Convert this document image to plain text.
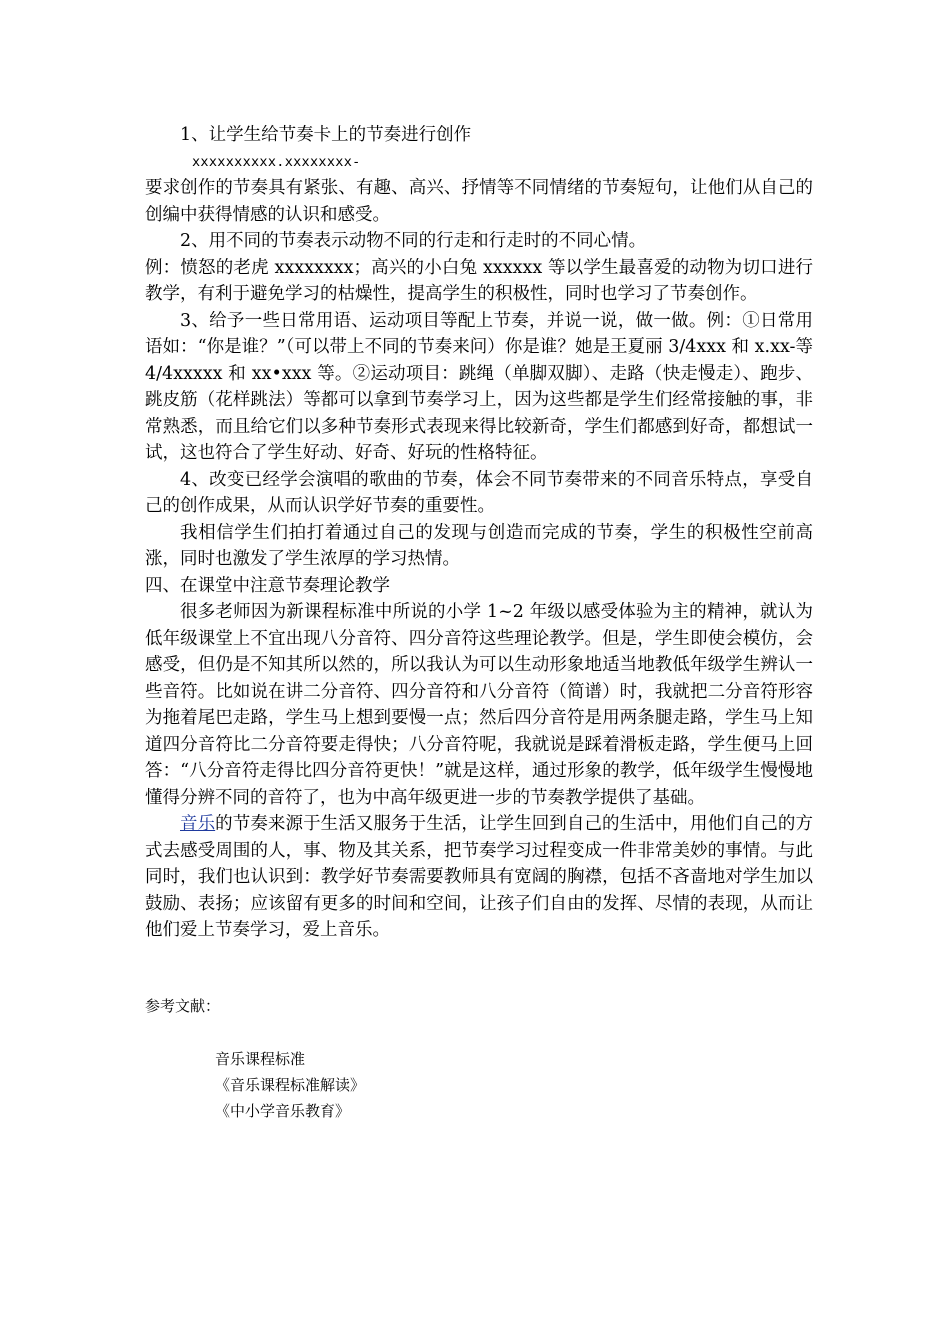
1、让学生给节奏卡上的节奏进行创作

xxxxxxxxxx.xxxxxxxx-

要求创作的节奏具有紧张、有趣、高兴、抒情等不同情绪的节奏短句，让他们从自己的创编中获得情感的认识和感受。

2、用不同的节奏表示动物不同的行走和行走时的不同心情。

例：愤怒的老虎 xxxxxxxx；高兴的小白兔 xxxxxx 等以学生最喜爱的动物为切口进行教学，有利于避免学习的枯燥性，提高学生的积极性，同时也学习了节奏创作。

3、给予一些日常用语、运动项目等配上节奏，并说一说，做一做。例：①日常用语如：“你是谁？”（可以带上不同的节奏来问）你是谁？她是王夏丽 3/4xxx 和 x.xx-等 4/4xxxxx 和 xx•xxx 等。②运动项目：跳绳（单脚双脚）、走路（快走慢走）、跑步、跳皮筋（花样跳法）等都可以拿到节奏学习上，因为这些都是学生们经常接触的事，非常熟悉，而且给它们以多种节奏形式表现来得比较新奇，学生们都感到好奇，都想试一试，这也符合了学生好动、好奇、好玩的性格特征。

4、改变已经学会演唱的歌曲的节奏，体会不同节奏带来的不同音乐特点，享受自己的创作成果，从而认识学好节奏的重要性。

我相信学生们拍打着通过自己的发现与创造而完成的节奏，学生的积极性空前高涨，同时也激发了学生浓厚的学习热情。

四、在课堂中注意节奏理论教学

很多老师因为新课程标准中所说的小学 1~2 年级以感受体验为主的精神，就认为低年级课堂上不宜出现八分音符、四分音符这些理论教学。但是，学生即使会模仿，会感受，但仍是不知其所以然的，所以我认为可以生动形象地适当地教低年级学生辨认一些音符。比如说在讲二分音符、四分音符和八分音符（简谱）时，我就把二分音符形容为拖着尾巴走路，学生马上想到要慢一点；然后四分音符是用两条腿走路，学生马上知道四分音符比二分音符要走得快；八分音符呢，我就说是踩着滑板走路，学生便马上回答：“八分音符走得比四分音符更快！”就是这样，通过形象的教学，低年级学生慢慢地懂得分辨不同的音符了，也为中高年级更进一步的节奏教学提供了基础。

音乐的节奏来源于生活又服务于生活，让学生回到自己的生活中，用他们自己的方式去感受周围的人，事、物及其关系，把节奏学习过程变成一件非常美妙的事情。与此同时，我们也认识到：教学好节奏需要教师具有宽阔的胸襟，包括不吝啬地对学生加以鼓励、表扬；应该留有更多的时间和空间，让孩子们自由的发挥、尽情的表现，从而让他们爱上节奏学习，爱上音乐。

参考文献：

音乐课程标准
《音乐课程标准解读》
《中小学音乐教育》
